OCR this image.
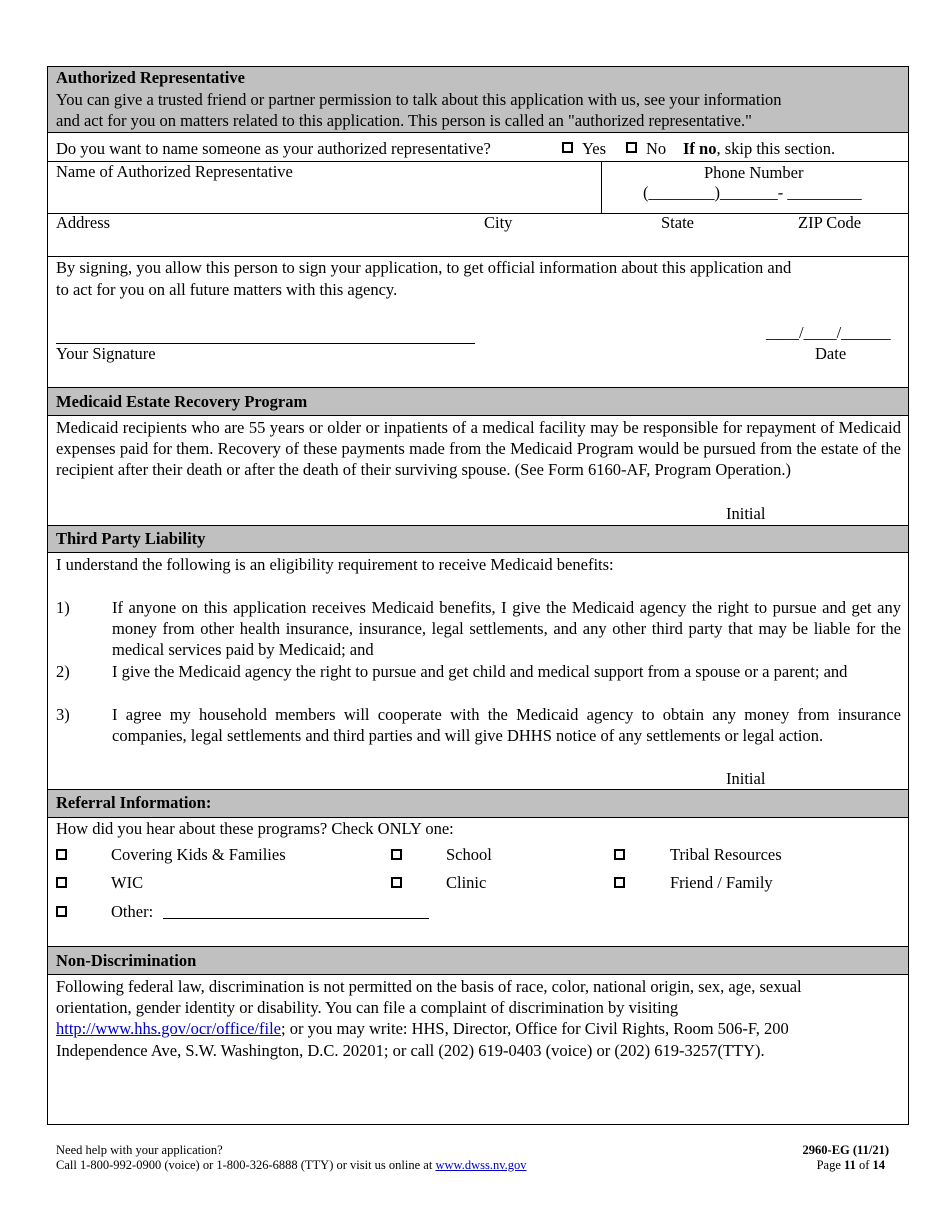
Authorized Representative
You can give a trusted friend or partner permission to talk about this application with us, see your information
and act for you on matters related to this application. This person is called an "authorized representative."
Do you want to name someone as your authorized representative?	Yes No If no, skip this section.
Name of Authorized Representative	Phone Number
(________)_______- _________
Address	City	State	ZIP Code
By signing, you allow this person to sign your application, to get official information about this application and
to act for you on all future matters with this agency.
____/____/______
Your Signature	Date
Medicaid Estate Recovery Program
Medicaid recipients who are 55 years or older or inpatients of a medical facility may be responsible for repayment of Medicaid expenses paid for them. Recovery of these payments made from the Medicaid Program would be pursued from the estate of the recipient after their death or after the death of their surviving spouse. (See Form 6160-AF, Program Operation.)
Initial
Third Party Liability
I understand the following is an eligibility requirement to receive Medicaid benefits:
1)	If anyone on this application receives Medicaid benefits, I give the Medicaid agency the right to pursue and get any money from other health insurance, insurance, legal settlements, and any other third party that may be liable for the medical services paid by Medicaid; and
2)	I give the Medicaid agency the right to pursue and get child and medical support from a spouse or a parent; and
3)	I agree my household members will cooperate with the Medicaid agency to obtain any money from insurance companies, legal settlements and third parties and will give DHHS notice of any settlements or legal action.
Initial
Referral Information:
How did you hear about these programs? Check ONLY one:
Covering Kids & Families	School	Tribal Resources
WIC	Clinic	Friend / Family
Other:
Non-Discrimination
Following federal law, discrimination is not permitted on the basis of race, color, national origin, sex, age, sexual
orientation, gender identity or disability. You can file a complaint of discrimination by visiting
http://www.hhs.gov/ocr/office/file; or you may write: HHS, Director, Office for Civil Rights, Room 506-F, 200
Independence Ave, S.W. Washington, D.C. 20201; or call (202) 619-0403 (voice) or (202) 619-3257(TTY).
Need help with your application?
Call 1-800-992-0900 (voice) or 1-800-326-6888 (TTY) or visit us online at www.dwss.nv.gov
2960-EG (11/21)
Page 11 of 14
